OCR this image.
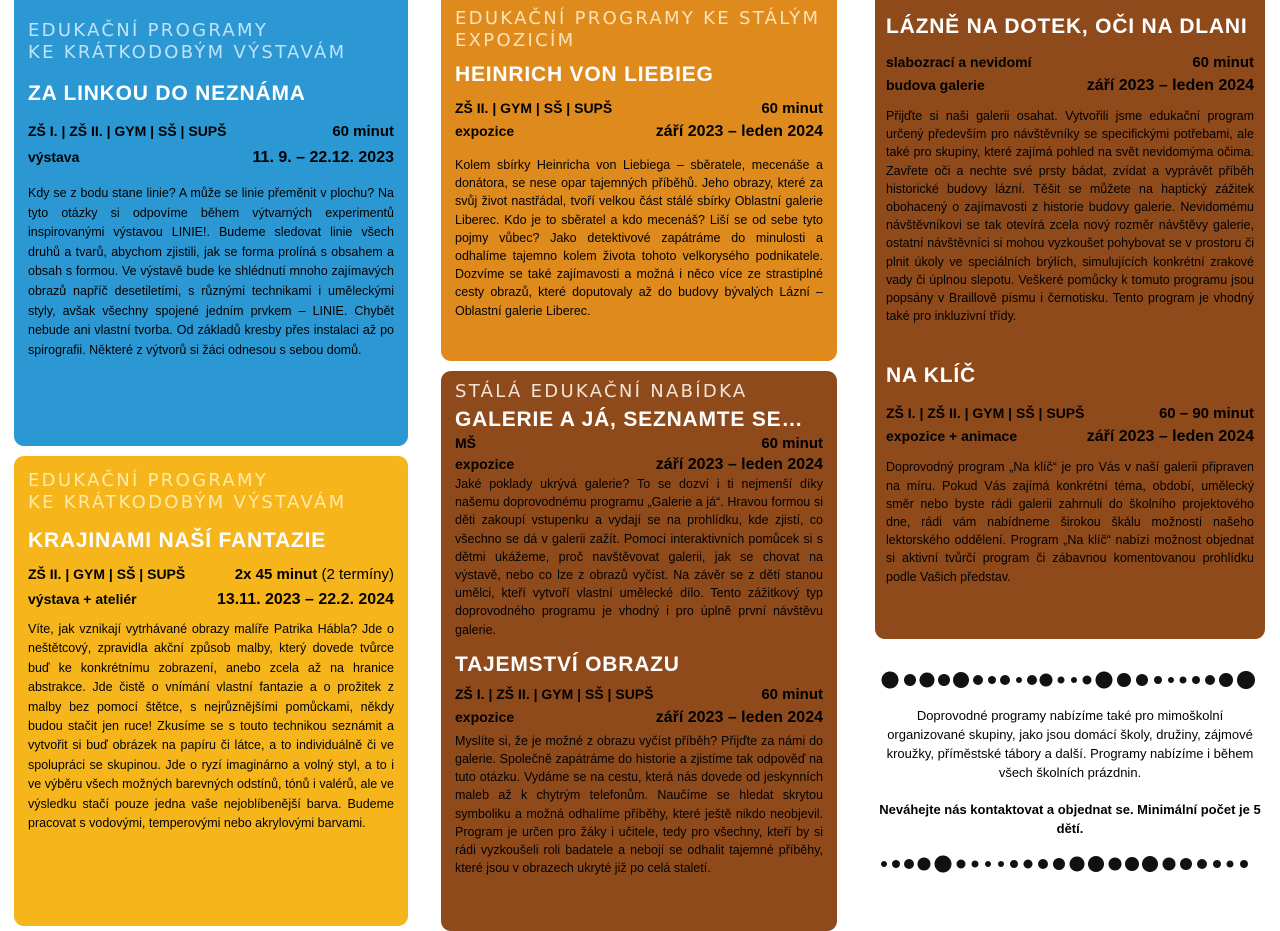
EDUKAČNÍ PROGRAMY
KE KRÁTKODOBÝM VÝSTAVÁM
ZA LINKOU DO NEZNÁMA
ZŠ I. | ZŠ II. | GYM | SŠ | SUPŠ	60 minut
výstava	11. 9. – 22.12. 2023

Kdy se z bodu stane linie? A může se linie přeměnit v plochu? Na tyto otázky si odpovíme během výtvarných experimentů inspirovanými výstavou LINIE!. Budeme sledovat linie všech druhů a tvarů, abychom zjistili, jak se forma prolíná s obsahem a obsah s formou. Ve výstavě bude ke shlédnutí mnoho zajímavých obrazů napříč desetiletími, s různými technikami i uměleckými styly, avšak všechny spojené jedním prvkem – LINIE. Chybět nebude ani vlastní tvorba. Od základů kresby přes instalaci až po spirografii. Některé z výtvorů si žáci odnesou s sebou domů.

EDUKAČNÍ PROGRAMY
KE KRÁTKODOBÝM VÝSTAVÁM
KRAJINAMI NAŠÍ FANTAZIE
ZŠ II. | GYM | SŠ | SUPŠ	2x 45 minut (2 termíny)
výstava + ateliér	13.11. 2023 – 22.2. 2024

Víte, jak vznikají vytrhávané obrazy malíře Patrika Hábla? Jde o neštětcový, zpravidla akční způsob malby, který dovede tvůrce buď ke konkrétnímu zobrazení, anebo zcela až na hranice abstrakce. Jde čistě o vnímání vlastní fantazie a o prožitek z malby bez pomocí štětce, s nejrůznějšími pomůckami, někdy budou stačit jen ruce! Zkusíme se s touto technikou seznámit a vytvořit si buď obrázek na papíru či látce, a to individuálně či ve spolupráci se skupinou. Jde o ryzí imaginárno a volný styl, a to i ve výběru všech možných barevných odstínů, tónů i valérů, ale ve výsledku stačí pouze jedna vaše nejoblíbenější barva. Budeme pracovat s vodovými, temperovými nebo akrylovými barvami.

EDUKAČNÍ PROGRAMY KE STÁLÝM
EXPOZICÍM
HEINRICH VON LIEBIEG
ZŠ II. | GYM | SŠ | SUPŠ	60 minut
expozice	září 2023 – leden 2024

Kolem sbírky Heinricha von Liebiega – sběratele, mecenáše a donátora, se nese opar tajemných příběhů. Jeho obrazy, které za svůj život nastřádal, tvoří velkou část stálé sbírky Oblastní galerie Liberec. Kdo je to sběratel a kdo mecenáš? Liší se od sebe tyto pojmy vůbec? Jako detektivové zapátráme do minulosti a odhalíme tajemno kolem života tohoto velkorysého podnikatele. Dozvíme se také zajímavosti a možná i něco více ze strastiplné cesty obrazů, které doputovaly až do budovy bývalých Lázní – Oblastní galerie Liberec.

STÁLÁ EDUKAČNÍ NABÍDKA
GALERIE A JÁ, SEZNAMTE SE…
MŠ	60 minut
expozice	září 2023 – leden 2024

Jaké poklady ukrývá galerie? To se dozví i ti nejmenší díky našemu doprovodnému programu „Galerie a já“. Hravou formou si děti zakoupí vstupenku a vydají se na prohlídku, kde zjistí, co všechno se dá v galerii zažít. Pomocí interaktivních pomůcek si s dětmi ukážeme, proč navštěvovat galerii, jak se chovat na výstavě, nebo co lze z obrazů vyčíst. Na závěr se z dětí stanou umělci, kteří vytvoří vlastní umělecké dílo. Tento zážitkový typ doprovodného programu je vhodný i pro úplně první návštěvu galerie.

TAJEMSTVÍ OBRAZU
ZŠ I. | ZŠ II. | GYM | SŠ | SUPŠ	60 minut
expozice	září 2023 – leden 2024

Myslíte si, že je možné z obrazu vyčíst příběh? Přijďte za námi do galerie. Společně zapátráme do historie a zjistíme tak odpověď na tuto otázku. Vydáme se na cestu, která nás dovede od jeskynních maleb až k chytrým telefonům. Naučíme se hledat skrytou symboliku a možná odhalíme příběhy, které ještě nikdo neobjevil. Program je určen pro žáky i učitele, tedy pro všechny, kteří by si rádi vyzkoušeli roli badatele a nebojí se odhalit tajemné příběhy, které jsou v obrazech ukryté již po celá staletí.

LÁZNĚ NA DOTEK, OČI NA DLANI
slabozrací a nevidomí	60 minut
budova galerie	září 2023 – leden 2024

Přijďte si naši galerii osahat. Vytvořili jsme edukační program určený především pro návštěvníky se specifickými potřebami, ale také pro skupiny, které zajímá pohled na svět nevidomýma očima. Zavřete oči a nechte své prsty bádat, zvídat a vyprávět příběh historické budovy lázní. Těšit se můžete na haptický zážitek obohacený o zajímavosti z historie budovy galerie. Nevidomému návštěvníkovi se tak otevírá zcela nový rozměr návštěvy galerie, ostatní návštěvníci si mohou vyzkoušet pohybovat se v prostoru či plnit úkoly ve speciálních brýlích, simulujících konkrétní zrakové vady či úplnou slepotu. Veškeré pomůcky k tomuto programu jsou popsány v Braillově písmu i černotisku. Tento program je vhodný také pro inkluzivní třídy.

NA KLÍČ
ZŠ I. | ZŠ II. | GYM | SŠ | SUPŠ	60 – 90 minut
expozice + animace	září 2023 – leden 2024

Doprovodný program „Na klíč“ je pro Vás v naší galerii připraven na míru. Pokud Vás zajímá konkrétní téma, období, umělecký směr nebo byste rádi galerii zahrnuli do školního projektového dne, rádi vám nabídneme širokou škálu možností našeho lektorského oddělení. Program „Na klíč“ nabízí možnost objednat si aktivní tvůrčí program či zábavnou komentovanou prohlídku podle Vašich představ.

Doprovodné programy nabízíme také pro mimoškolní organizované skupiny, jako jsou domácí školy, družiny, zájmové kroužky, příměstské tábory a další. Programy nabízíme i během všech školních prázdnin.

Neváhejte nás kontaktovat a objednat se. Minimální počet je 5 dětí.
